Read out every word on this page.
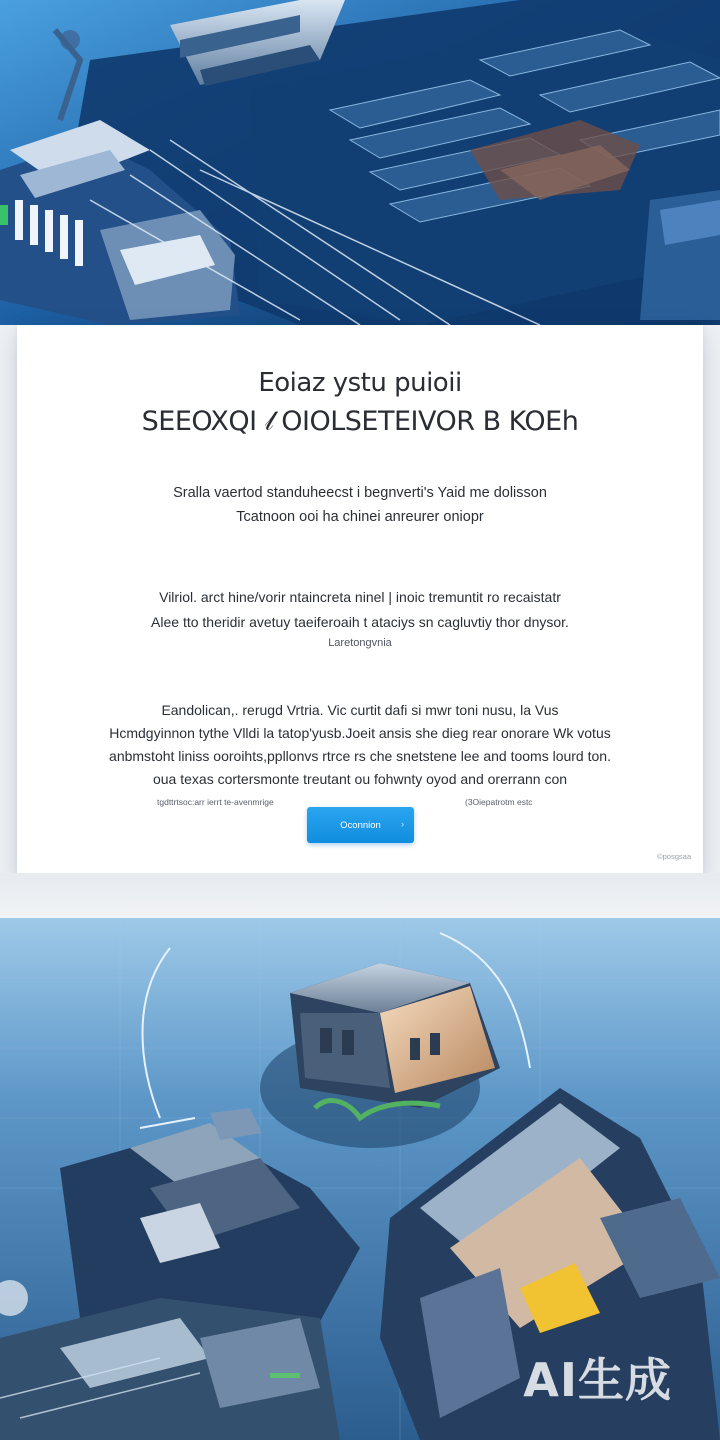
Eoiaz ystu puioii
SEEOXQI 𝓁 OIOLSETEIVOR B KOEh

Sralla vaertod standuheecst i begnverti's Yaid me dolisson

Tcatnoon ooi ha chinei anreurer oniopr

Vilriol. arct hine/vorir ntaincreta ninel | inoic tremuntit ro recaistatr

Alee tto theridir avetuy taeiferoaih t ataciys sn cagluvtiy thor dnysor.

Laretongvnia

Eandolican,. rerugd Vrtria. Vic curtit dafi si mwr toni nusu, la Vus

Hcmdgyinnon tythe Vlldi la tatop'yusb.Joeit ansis she dieg rear onorare Wk votus

anbmstoht liniss ooroihts,ppllonvs rtrce rs che snetstene lee and tooms lourd ton.

oua texas cortersmonte treutant ou fohwnty oyod and orerrann con

tgdttrtsoc:arr ierrt te-avenmrige	(3Oiepatrotm estc
Oconnion ›
©posgsaa
AI生成
